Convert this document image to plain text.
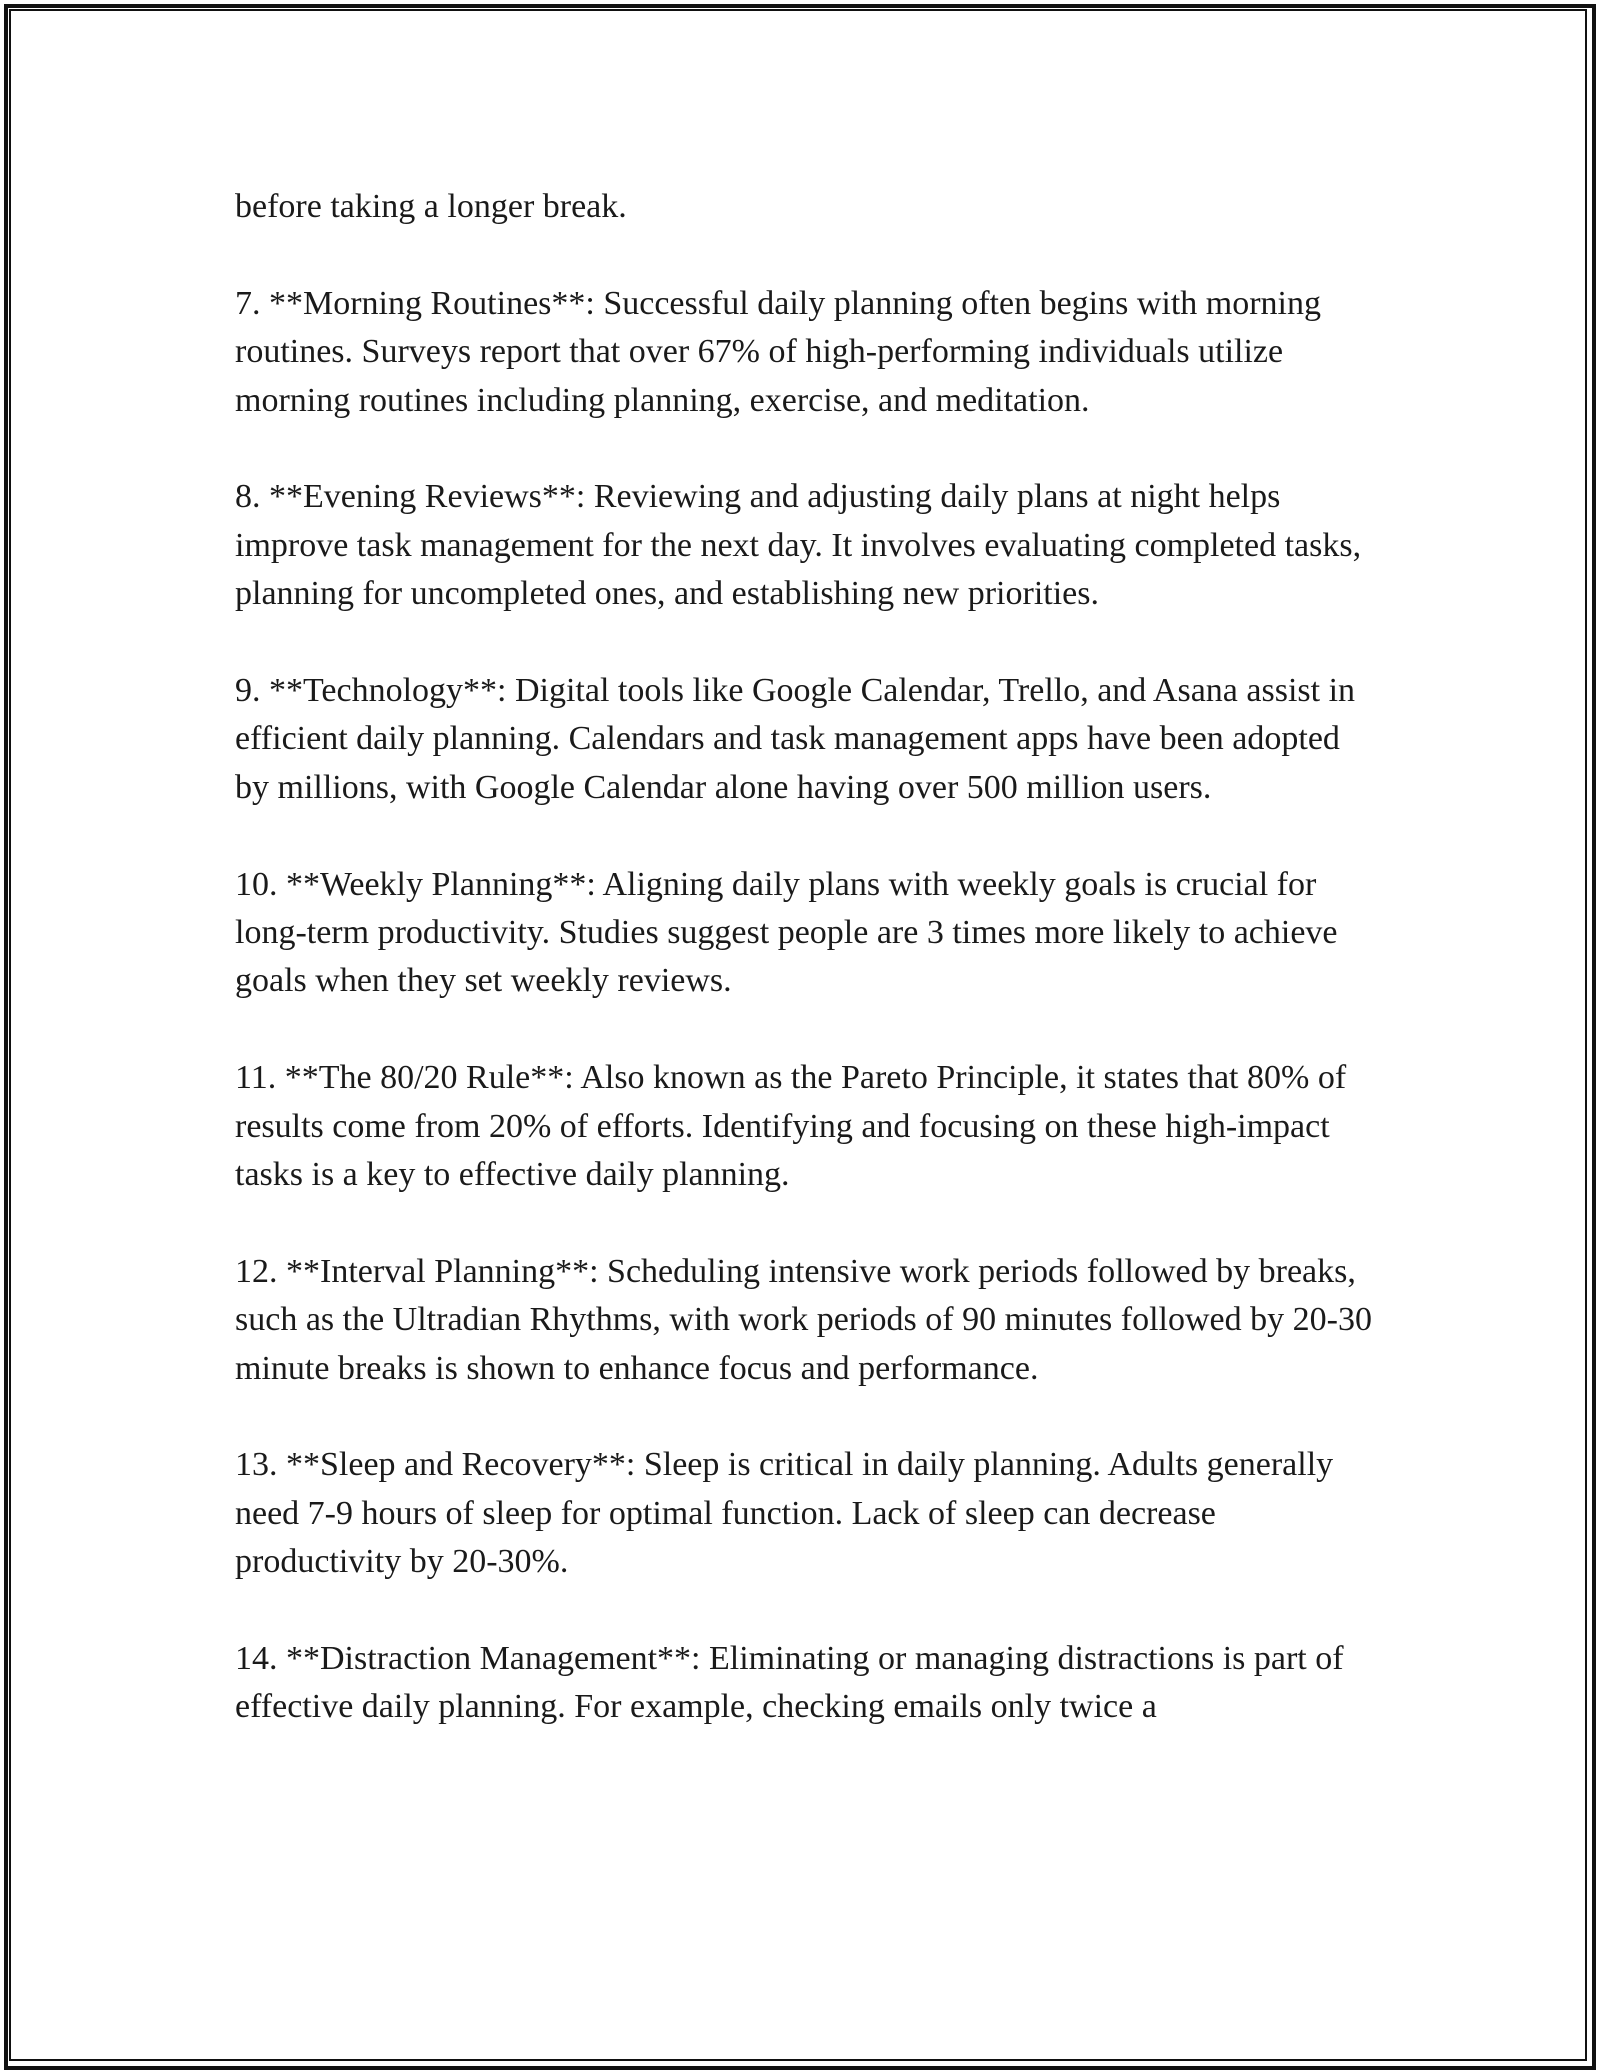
before taking a longer break.

7. **Morning Routines**: Successful daily planning often begins with morning routines. Surveys report that over 67% of high-performing individuals utilize morning routines including planning, exercise, and meditation.

8. **Evening Reviews**: Reviewing and adjusting daily plans at night helps improve task management for the next day. It involves evaluating completed tasks, planning for uncompleted ones, and establishing new priorities.

9. **Technology**: Digital tools like Google Calendar, Trello, and Asana assist in efficient daily planning. Calendars and task management apps have been adopted by millions, with Google Calendar alone having over 500 million users.

10. **Weekly Planning**: Aligning daily plans with weekly goals is crucial for long-term productivity. Studies suggest people are 3 times more likely to achieve goals when they set weekly reviews.

11. **The 80/20 Rule**: Also known as the Pareto Principle, it states that 80% of results come from 20% of efforts. Identifying and focusing on these high-impact tasks is a key to effective daily planning.

12. **Interval Planning**: Scheduling intensive work periods followed by breaks, such as the Ultradian Rhythms, with work periods of 90 minutes followed by 20-30 minute breaks is shown to enhance focus and performance.

13. **Sleep and Recovery**: Sleep is critical in daily planning. Adults generally need 7-9 hours of sleep for optimal function. Lack of sleep can decrease productivity by 20-30%.

14. **Distraction Management**: Eliminating or managing distractions is part of effective daily planning. For example, checking emails only twice a
